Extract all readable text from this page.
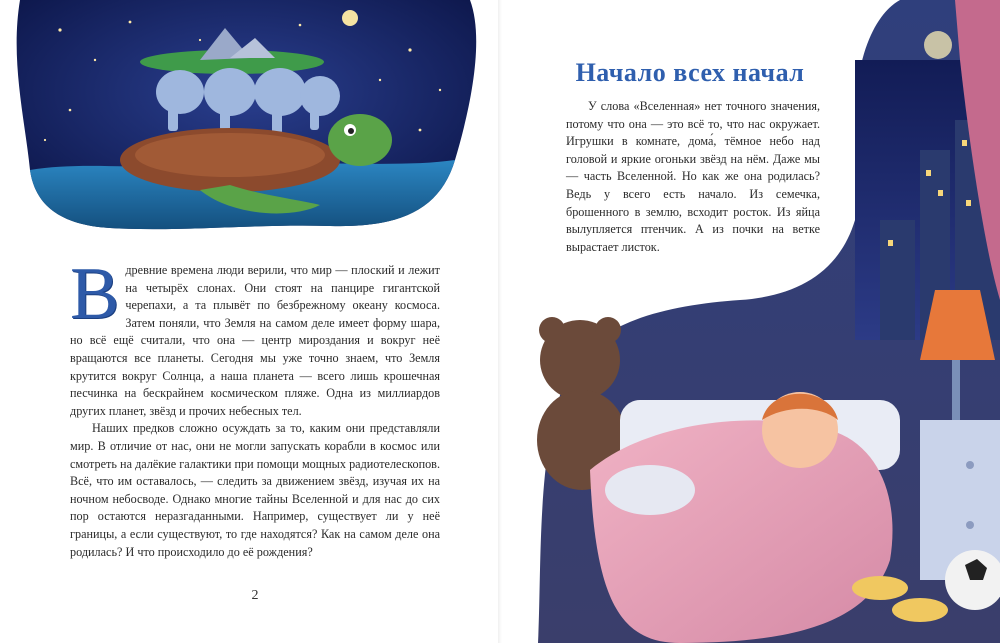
В древние времена люди верили, что мир — плоский и лежит на четырёх слонах. Они стоят на панцире гигантской черепахи, а та плывёт по безбрежному океану космоса. Затем поняли, что Земля на самом деле имеет форму шара, но всё ещё считали, что она — центр мироздания и вокруг неё вращаются все планеты. Сегодня мы уже точно знаем, что Земля крутится вокруг Солнца, а наша планета — всего лишь крошечная песчинка на бескрайнем космическом пляже. Одна из миллиардов других планет, звёзд и прочих небесных тел.

Наших предков сложно осуждать за то, каким они представляли мир. В отличие от нас, они не могли запускать корабли в космос или смотреть на далёкие галактики при помощи мощных радиотелескопов. Всё, что им оставалось, — следить за движением звёзд, изучая их на ночном небосводе. Однако многие тайны Вселенной и для нас до сих пор остаются неразгаданными. Например, существует ли у неё границы, а если существуют, то где находятся? Как на самом деле она родилась? И что происходило до её рождения?

2
Начало всех начал

У слова «Вселенная» нет точного значения, потому что она — это всё то, что нас окружает. Игрушки в комнате, дома́, тёмное небо над головой и яркие огоньки звёзд на нём. Даже мы — часть Вселенной. Но как же она родилась? Ведь у всего есть начало. Из семечка, брошенного в землю, всходит росток. Из яйца вылупляется птенчик. А из почки на ветке вырастает листок.
